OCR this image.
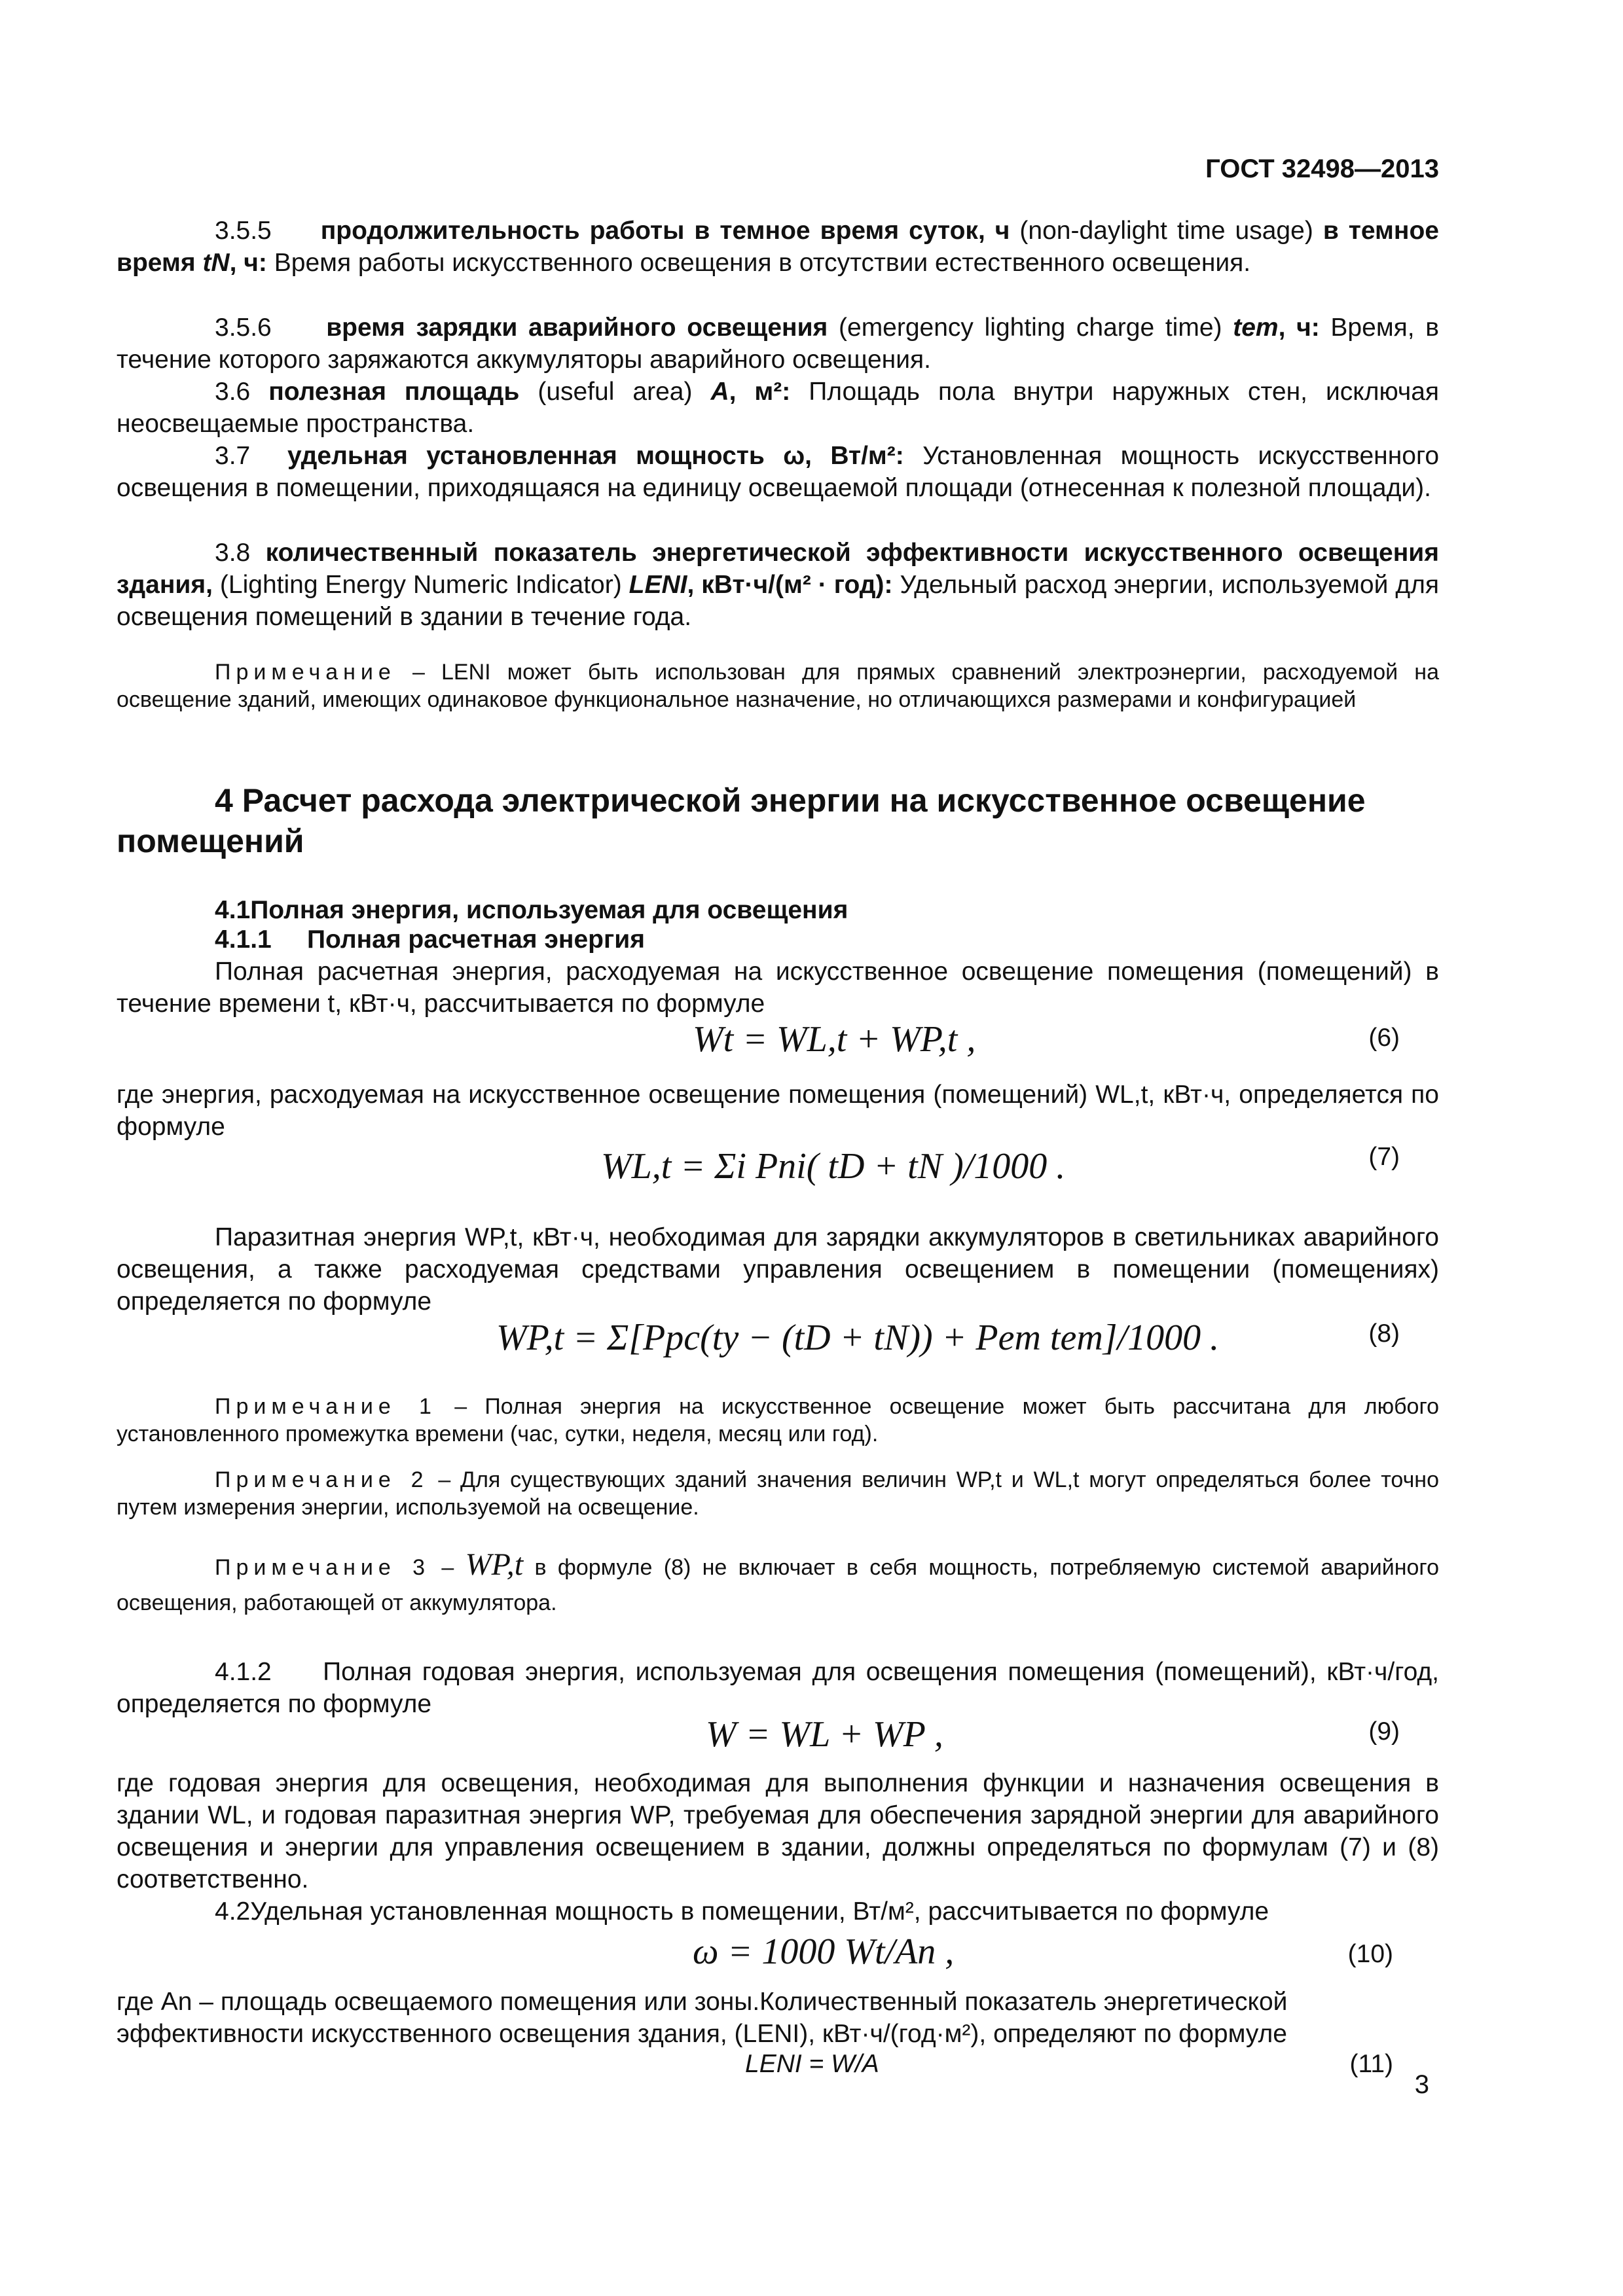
ГОСТ 32498—2013

3.5.5 продолжительность работы в темное время суток, ч (non-daylight time usage) в темное время tN, ч: Время работы искусственного освещения в отсутствии естественного освещения.

3.5.6 время зарядки аварийного освещения (emergency lighting charge time) tem, ч: Время, в течение которого заряжаются аккумуляторы аварийного освещения.

3.6 полезная площадь (useful area) A, м²: Площадь пола внутри наружных стен, исключая неосвещаемые пространства.

3.7 удельная установленная мощность ω, Вт/м²: Установленная мощность искусственного освещения в помещении, приходящаяся на единицу освещаемой площади (отнесенная к полезной площади).

3.8 количественный показатель энергетической эффективности искусственного освещения здания, (Lighting Energy Numeric Indicator) LENI, кВт·ч/(м² · год): Удельный расход энергии, используемой для освещения помещений в здании в течение года.

Примечание – LENI может быть использован для прямых сравнений электроэнергии, расходуемой на освещение зданий, имеющих одинаковое функциональное назначение, но отличающихся размерами и конфигурацией

4 Расчет расхода электрической энергии на искусственное освещение помещений

4.1Полная энергия, используемая для освещения

4.1.1 Полная расчетная энергия

Полная расчетная энергия, расходуемая на искусственное освещение помещения (помещений) в течение времени t, кВт·ч, рассчитывается по формуле

Wt = WL,t + WP,t ,	(6)

где энергия, расходуемая на искусственное освещение помещения (помещений) WL,t, кВт·ч, определяется по формуле

WL,t = Σi Pni( tD + tN )/1000 .	(7)

Паразитная энергия WP,t, кВт·ч, необходимая для зарядки аккумуляторов в светильниках аварийного освещения, а также расходуемая средствами управления освещением в помещении (помещениях) определяется по формуле

WP,t = Σ[Ppc(ty − (tD + tN)) + Pem tem]/1000 .	(8)

Примечание 1 – Полная энергия на искусственное освещение может быть рассчитана для любого установленного промежутка времени (час, сутки, неделя, месяц или год).

Примечание 2 – Для существующих зданий значения величин WP,t и WL,t могут определяться более точно путем измерения энергии, используемой на освещение.

Примечание 3 – WP,t в формуле (8) не включает в себя мощность, потребляемую системой аварийного освещения, работающей от аккумулятора.

4.1.2 Полная годовая энергия, используемая для освещения помещения (помещений), кВт·ч/год, определяется по формуле

W = WL + WP ,	(9)

где годовая энергия для освещения, необходимая для выполнения функции и назначения освещения в здании WL, и годовая паразитная энергия WP, требуемая для обеспечения зарядной энергии для аварийного освещения и энергии для управления освещением в здании, должны определяться по формулам (7) и (8) соответственно.

4.2Удельная установленная мощность в помещении, Вт/м², рассчитывается по формуле

ω = 1000 Wt/An ,	(10)

где An – площадь освещаемого помещения или зоны.Количественный показатель энергетической эффективности искусственного освещения здания, (LENI), кВт·ч/(год·м²), определяют по формуле

LENI = W/A	(11)
3
